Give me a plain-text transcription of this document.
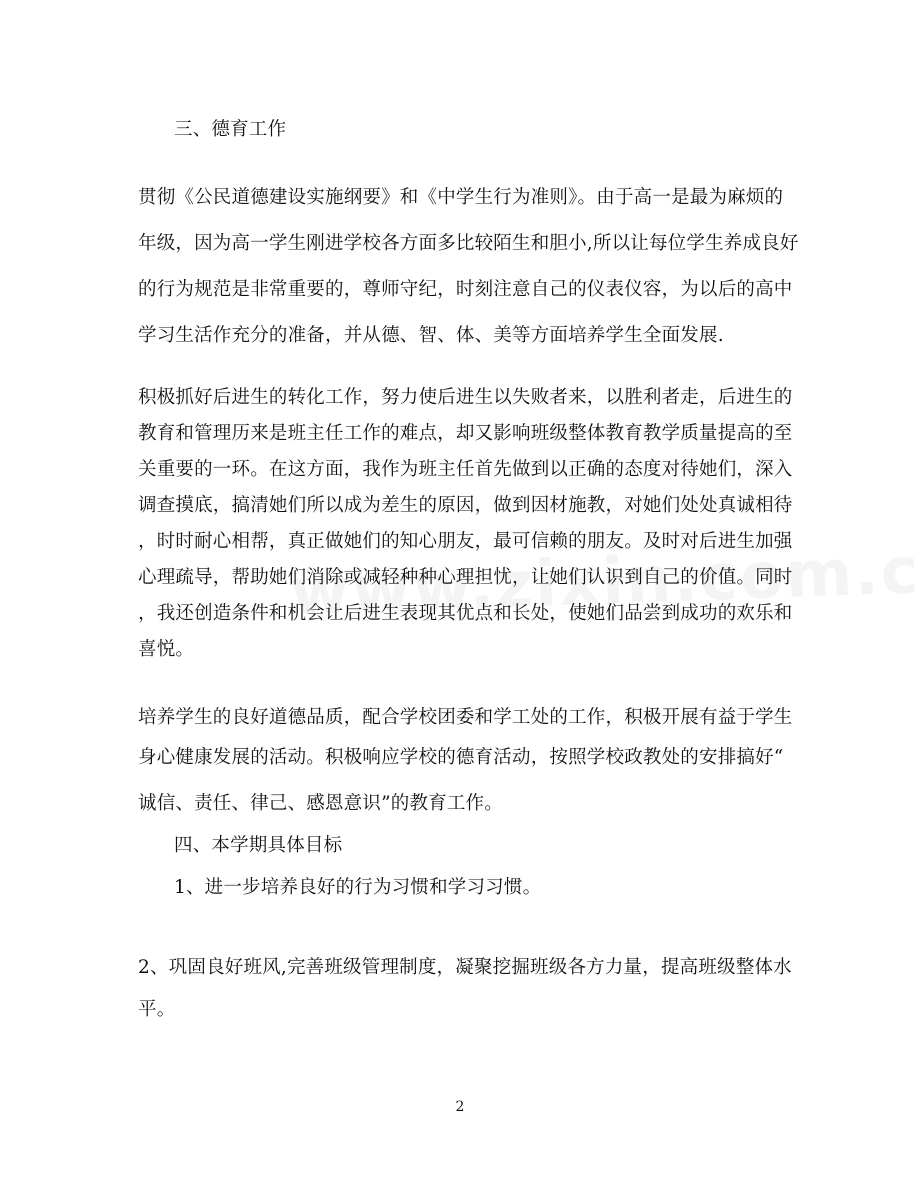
三、德育工作
贯彻《公民道德建设实施纲要》和《中学生行为准则》。由于高一是最为麻烦的
年级，因为高一学生刚进学校各方面多比较陌生和胆小,所以让每位学生养成良好
的行为规范是非常重要的，尊师守纪，时刻注意自己的仪表仪容，为以后的高中
学习生活作充分的准备，并从德、智、体、美等方面培养学生全面发展.
积极抓好后进生的转化工作，努力使后进生以失败者来，以胜利者走，后进生的
教育和管理历来是班主任工作的难点，却又影响班级整体教育教学质量提高的至
关重要的一环。在这方面，我作为班主任首先做到以正确的态度对待她们，深入
调查摸底，搞清她们所以成为差生的原因，做到因材施教，对她们处处真诚相待
，时时耐心相帮，真正做她们的知心朋友，最可信赖的朋友。及时对后进生加强
心理疏导，帮助她们消除或减轻种种心理担忧，让她们认识到自己的价值。同时
，我还创造条件和机会让后进生表现其优点和长处，使她们品尝到成功的欢乐和
喜悦。
培养学生的良好道德品质，配合学校团委和学工处的工作，积极开展有益于学生
身心健康发展的活动。积极响应学校的德育活动，按照学校政教处的安排搞好“
诚信、责任、律己、感恩意识”的教育工作。
四、本学期具体目标
1、进一步培养良好的行为习惯和学习习惯。
2、巩固良好班风,完善班级管理制度，凝聚挖掘班级各方力量，提高班级整体水
平。
2
